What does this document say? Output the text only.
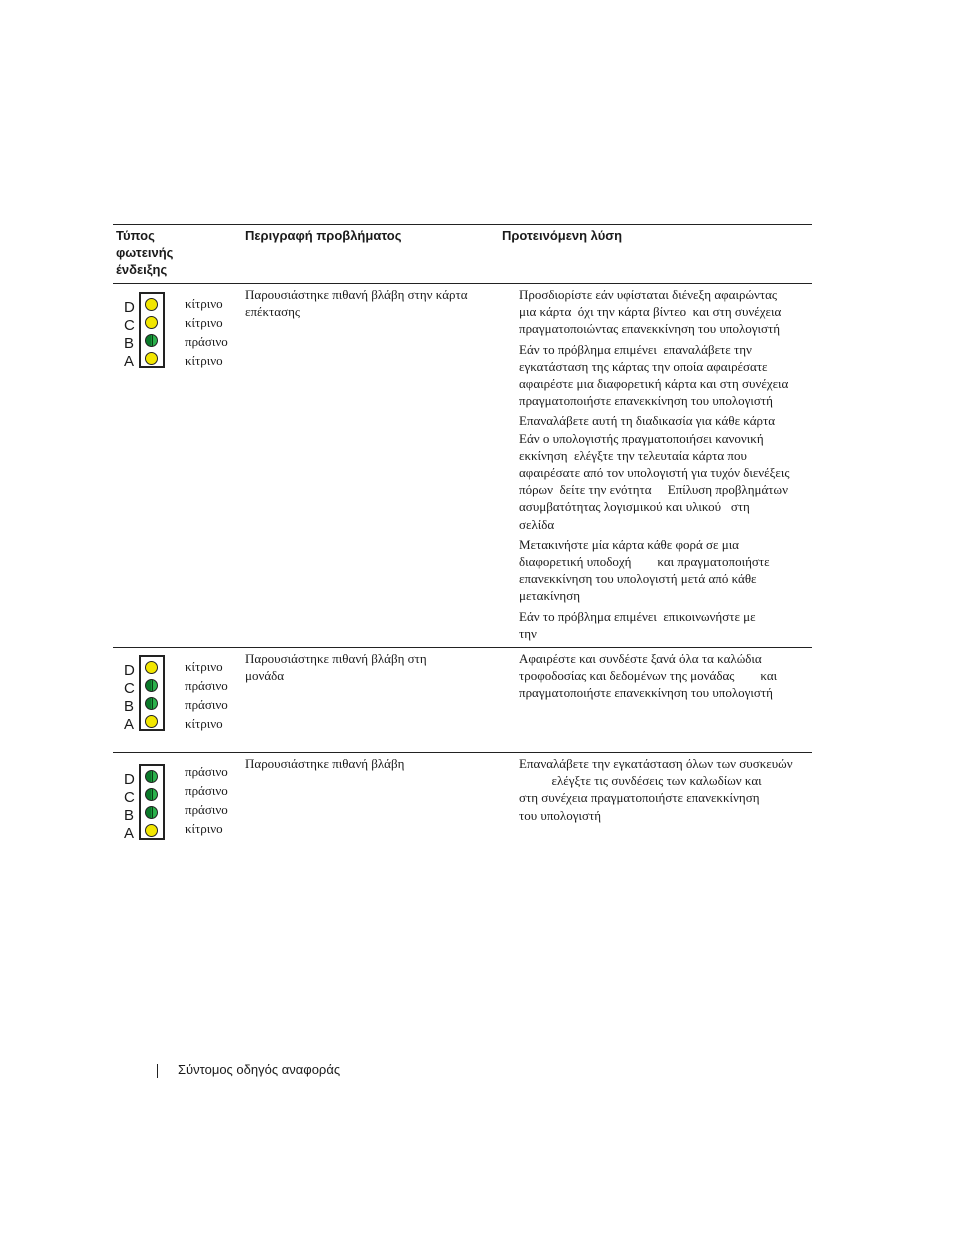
Τύπος
φωτεινής
ένδειξης
Περιγραφή προβλήματος	Προτεινόμενη λύση
D
C
B
A
κίτρινο
κίτρινο
πράσινο
κίτρινο
Παρουσιάστηκε πιθανή βλάβη στην κάρτα
επέκτασης

Προσδιορίστε εάν υφίσταται διένεξη αφαιρώντας
μια κάρτα  όχι την κάρτα βίντεο  και στη συνέχεια
πραγματοποιώντας επανεκκίνηση του υπολογιστή

Εάν το πρόβλημα επιμένει  επαναλάβετε την
εγκατάσταση της κάρτας την οποία αφαιρέσατε
αφαιρέστε μια διαφορετική κάρτα και στη συνέχεια
πραγματοποιήστε επανεκκίνηση του υπολογιστή

Επαναλάβετε αυτή τη διαδικασία για κάθε κάρτα
Εάν ο υπολογιστής πραγματοποιήσει κανονική
εκκίνηση  ελέγξτε την τελευταία κάρτα που
αφαιρέσατε από τον υπολογιστή για τυχόν διενέξεις
πόρων  δείτε την ενότητα     Επίλυση προβλημάτων
ασυμβατότητας λογισμικού και υλικού   στη
σελίδα

Μετακινήστε μία κάρτα κάθε φορά σε μια
διαφορετική υποδοχή        και πραγματοποιήστε
επανεκκίνηση του υπολογιστή μετά από κάθε
μετακίνηση

Εάν το πρόβλημα επιμένει  επικοινωνήστε με
την

D
C
B
A
κίτρινο
πράσινο
πράσινο
κίτρινο
Παρουσιάστηκε πιθανή βλάβη στη
μονάδα

Αφαιρέστε και συνδέστε ξανά όλα τα καλώδια
τροφοδοσίας και δεδομένων της μονάδας        και
πραγματοποιήστε επανεκκίνηση του υπολογιστή

D
C
B
A
πράσινο
πράσινο
πράσινο
κίτρινο
Παρουσιάστηκε πιθανή βλάβη	Επαναλάβετε την εγκατάσταση όλων των συσκευών
ελέγξτε τις συνδέσεις των καλωδίων και
στη συνέχεια πραγματοποιήστε επανεκκίνηση
του υπολογιστή

Σύντομος οδηγός αναφοράς
